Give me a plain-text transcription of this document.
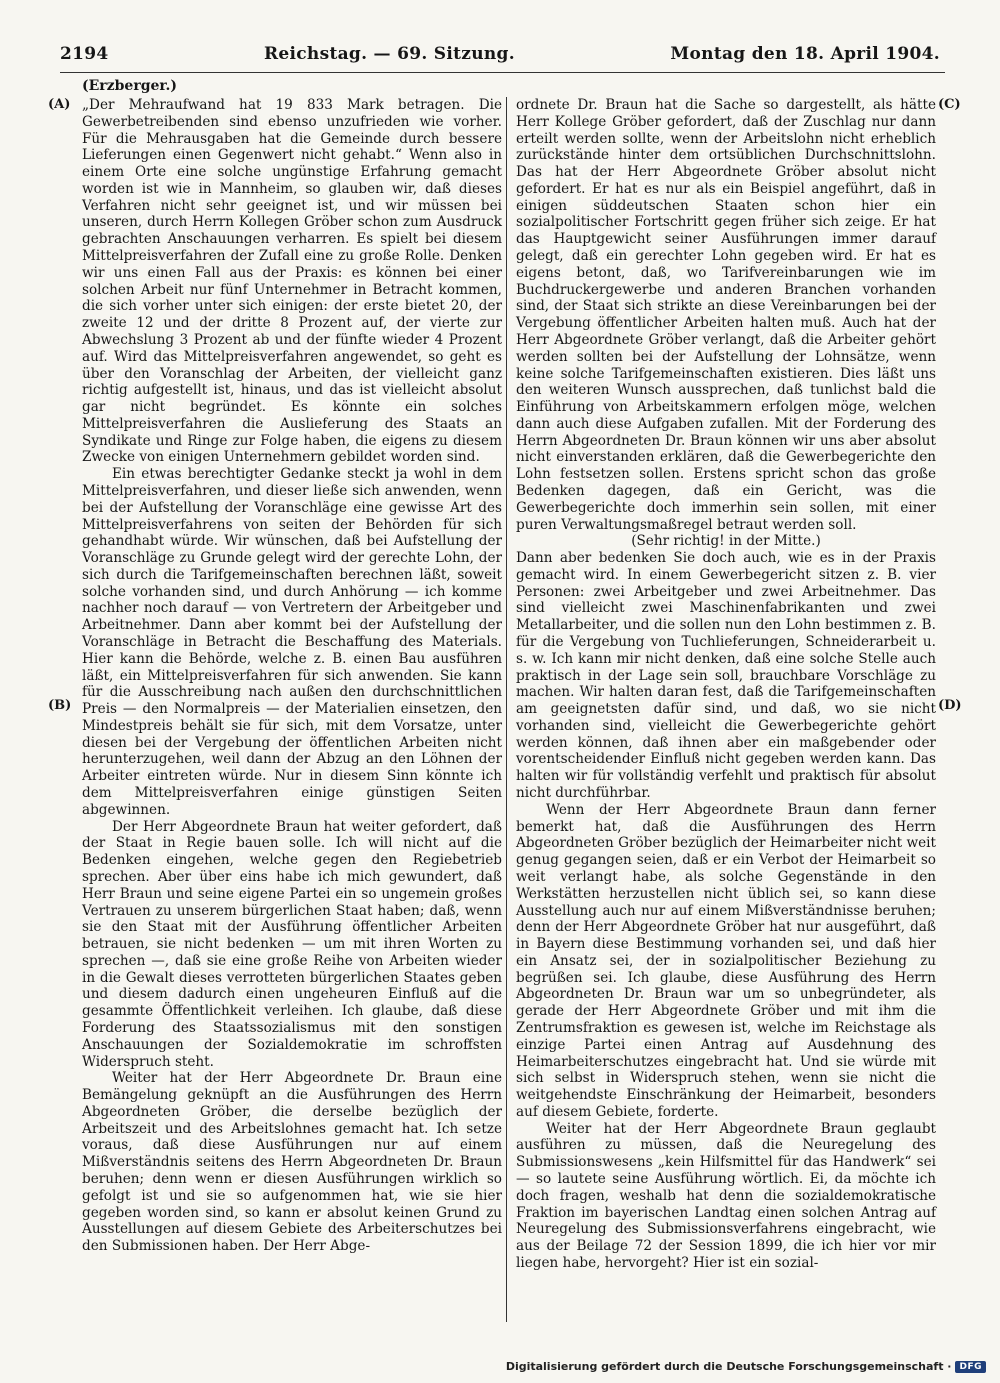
2194	Reichstag. — 69. Sitzung.	Montag den 18. April 1904.
(Erzberger.)
(A)
(B)
(C)
(D)

„Der Mehraufwand hat 19 833 Mark betragen. Die Gewerbetreibenden sind ebenso unzufrieden wie vorher. Für die Mehrausgaben hat die Gemeinde durch bessere Lieferungen einen Gegenwert nicht gehabt.“ Wenn also in einem Orte eine solche ungünstige Erfahrung gemacht worden ist wie in Mannheim, so glauben wir, daß dieses Verfahren nicht sehr geeignet ist, und wir müssen bei unseren, durch Herrn Kollegen Gröber schon zum Ausdruck gebrachten Anschauungen verharren. Es spielt bei diesem Mittelpreisverfahren der Zufall eine zu große Rolle. Denken wir uns einen Fall aus der Praxis: es können bei einer solchen Arbeit nur fünf Unternehmer in Betracht kommen, die sich vorher unter sich einigen: der erste bietet 20, der zweite 12 und der dritte 8 Prozent auf, der vierte zur Abwechslung 3 Prozent ab und der fünfte wieder 4 Prozent auf. Wird das Mittelpreisverfahren angewendet, so geht es über den Voranschlag der Arbeiten, der vielleicht ganz richtig aufgestellt ist, hinaus, und das ist vielleicht absolut gar nicht begründet. Es könnte ein solches Mittelpreisverfahren die Auslieferung des Staats an Syndikate und Ringe zur Folge haben, die eigens zu diesem Zwecke von einigen Unternehmern gebildet worden sind.

Ein etwas berechtigter Gedanke steckt ja wohl in dem Mittelpreisverfahren, und dieser ließe sich anwenden, wenn bei der Aufstellung der Voranschläge eine gewisse Art des Mittelpreisverfahrens von seiten der Behörden für sich gehandhabt würde. Wir wünschen, daß bei Aufstellung der Voranschläge zu Grunde gelegt wird der gerechte Lohn, der sich durch die Tarifgemeinschaften berechnen läßt, soweit solche vorhanden sind, und durch Anhörung — ich komme nachher noch darauf — von Vertretern der Arbeitgeber und Arbeitnehmer. Dann aber kommt bei der Aufstellung der Voranschläge in Betracht die Beschaffung des Materials. Hier kann die Behörde, welche z. B. einen Bau ausführen läßt, ein Mittelpreisverfahren für sich anwenden. Sie kann für die Ausschreibung nach außen den durchschnittlichen Preis — den Normalpreis — der Materialien einsetzen, den Mindestpreis behält sie für sich, mit dem Vorsatze, unter diesen bei der Vergebung der öffentlichen Arbeiten nicht herunterzugehen, weil dann der Abzug an den Löhnen der Arbeiter eintreten würde. Nur in diesem Sinn könnte ich dem Mittelpreisverfahren einige günstigen Seiten abgewinnen.

Der Herr Abgeordnete Braun hat weiter gefordert, daß der Staat in Regie bauen solle. Ich will nicht auf die Bedenken eingehen, welche gegen den Regiebetrieb sprechen. Aber über eins habe ich mich gewundert, daß Herr Braun und seine eigene Partei ein so ungemein großes Vertrauen zu unserem bürgerlichen Staat haben; daß, wenn sie den Staat mit der Ausführung öffentlicher Arbeiten betrauen, sie nicht bedenken — um mit ihren Worten zu sprechen —, daß sie eine große Reihe von Arbeiten wieder in die Gewalt dieses verrotteten bürgerlichen Staates geben und diesem dadurch einen ungeheuren Einfluß auf die gesammte Öffentlichkeit verleihen. Ich glaube, daß diese Forderung des Staatssozialismus mit den sonstigen Anschauungen der Sozialdemokratie im schroffsten Widerspruch steht.

Weiter hat der Herr Abgeordnete Dr. Braun eine Bemängelung geknüpft an die Ausführungen des Herrn Abgeordneten Gröber, die derselbe bezüglich der Arbeitszeit und des Arbeitslohnes gemacht hat. Ich setze voraus, daß diese Ausführungen nur auf einem Mißverständnis seitens des Herrn Abgeordneten Dr. Braun beruhen; denn wenn er diesen Ausführungen wirklich so gefolgt ist und sie so aufgenommen hat, wie sie hier gegeben worden sind, so kann er absolut keinen Grund zu Ausstellungen auf diesem Gebiete des Arbeiterschutzes bei den Submissionen haben. Der Herr Abge-

ordnete Dr. Braun hat die Sache so dargestellt, als hätte Herr Kollege Gröber gefordert, daß der Zuschlag nur dann erteilt werden sollte, wenn der Arbeitslohn nicht erheblich zurückstände hinter dem ortsüblichen Durchschnittslohn. Das hat der Herr Abgeordnete Gröber absolut nicht gefordert. Er hat es nur als ein Beispiel angeführt, daß in einigen süddeutschen Staaten schon hier ein sozialpolitischer Fortschritt gegen früher sich zeige. Er hat das Hauptgewicht seiner Ausführungen immer darauf gelegt, daß ein gerechter Lohn gegeben wird. Er hat es eigens betont, daß, wo Tarifvereinbarungen wie im Buchdruckergewerbe und anderen Branchen vorhanden sind, der Staat sich strikte an diese Vereinbarungen bei der Vergebung öffentlicher Arbeiten halten muß. Auch hat der Herr Abgeordnete Gröber verlangt, daß die Arbeiter gehört werden sollten bei der Aufstellung der Lohnsätze, wenn keine solche Tarifgemeinschaften existieren. Dies läßt uns den weiteren Wunsch aussprechen, daß tunlichst bald die Einführung von Arbeitskammern erfolgen möge, welchen dann auch diese Aufgaben zufallen. Mit der Forderung des Herrn Abgeordneten Dr. Braun können wir uns aber absolut nicht einverstanden erklären, daß die Gewerbegerichte den Lohn festsetzen sollen. Erstens spricht schon das große Bedenken dagegen, daß ein Gericht, was die Gewerbegerichte doch immerhin sein sollen, mit einer puren Verwaltungsmaßregel betraut werden soll.

(Sehr richtig! in der Mitte.)

Dann aber bedenken Sie doch auch, wie es in der Praxis gemacht wird. In einem Gewerbegericht sitzen z. B. vier Personen: zwei Arbeitgeber und zwei Arbeitnehmer. Das sind vielleicht zwei Maschinenfabrikanten und zwei Metallarbeiter, und die sollen nun den Lohn bestimmen z. B. für die Vergebung von Tuchlieferungen, Schneiderarbeit u. s. w. Ich kann mir nicht denken, daß eine solche Stelle auch praktisch in der Lage sein soll, brauchbare Vorschläge zu machen. Wir halten daran fest, daß die Tarifgemeinschaften am geeignetsten dafür sind, und daß, wo sie nicht vorhanden sind, vielleicht die Gewerbegerichte gehört werden können, daß ihnen aber ein maßgebender oder vorentscheidender Einfluß nicht gegeben werden kann. Das halten wir für vollständig verfehlt und praktisch für absolut nicht durchführbar.

Wenn der Herr Abgeordnete Braun dann ferner bemerkt hat, daß die Ausführungen des Herrn Abgeordneten Gröber bezüglich der Heimarbeiter nicht weit genug gegangen seien, daß er ein Verbot der Heimarbeit so weit verlangt habe, als solche Gegenstände in den Werkstätten herzustellen nicht üblich sei, so kann diese Ausstellung auch nur auf einem Mißverständnisse beruhen; denn der Herr Abgeordnete Gröber hat nur ausgeführt, daß in Bayern diese Bestimmung vorhanden sei, und daß hier ein Ansatz sei, der in sozialpolitischer Beziehung zu begrüßen sei. Ich glaube, diese Ausführung des Herrn Abgeordneten Dr. Braun war um so unbegründeter, als gerade der Herr Abgeordnete Gröber und mit ihm die Zentrumsfraktion es gewesen ist, welche im Reichstage als einzige Partei einen Antrag auf Ausdehnung des Heimarbeiterschutzes eingebracht hat. Und sie würde mit sich selbst in Widerspruch stehen, wenn sie nicht die weitgehendste Einschränkung der Heimarbeit, besonders auf diesem Gebiete, forderte.

Weiter hat der Herr Abgeordnete Braun geglaubt ausführen zu müssen, daß die Neuregelung des Submissionswesens „kein Hilfsmittel für das Handwerk“ sei — so lautete seine Ausführung wörtlich. Ei, da möchte ich doch fragen, weshalb hat denn die sozialdemokratische Fraktion im bayerischen Landtag einen solchen Antrag auf Neuregelung des Submissionsverfahrens eingebracht, wie aus der Beilage 72 der Session 1899, die ich hier vor mir liegen habe, hervorgeht? Hier ist ein sozial-

Digitalisierung gefördert durch die Deutsche Forschungsgemeinschaft · DFG
